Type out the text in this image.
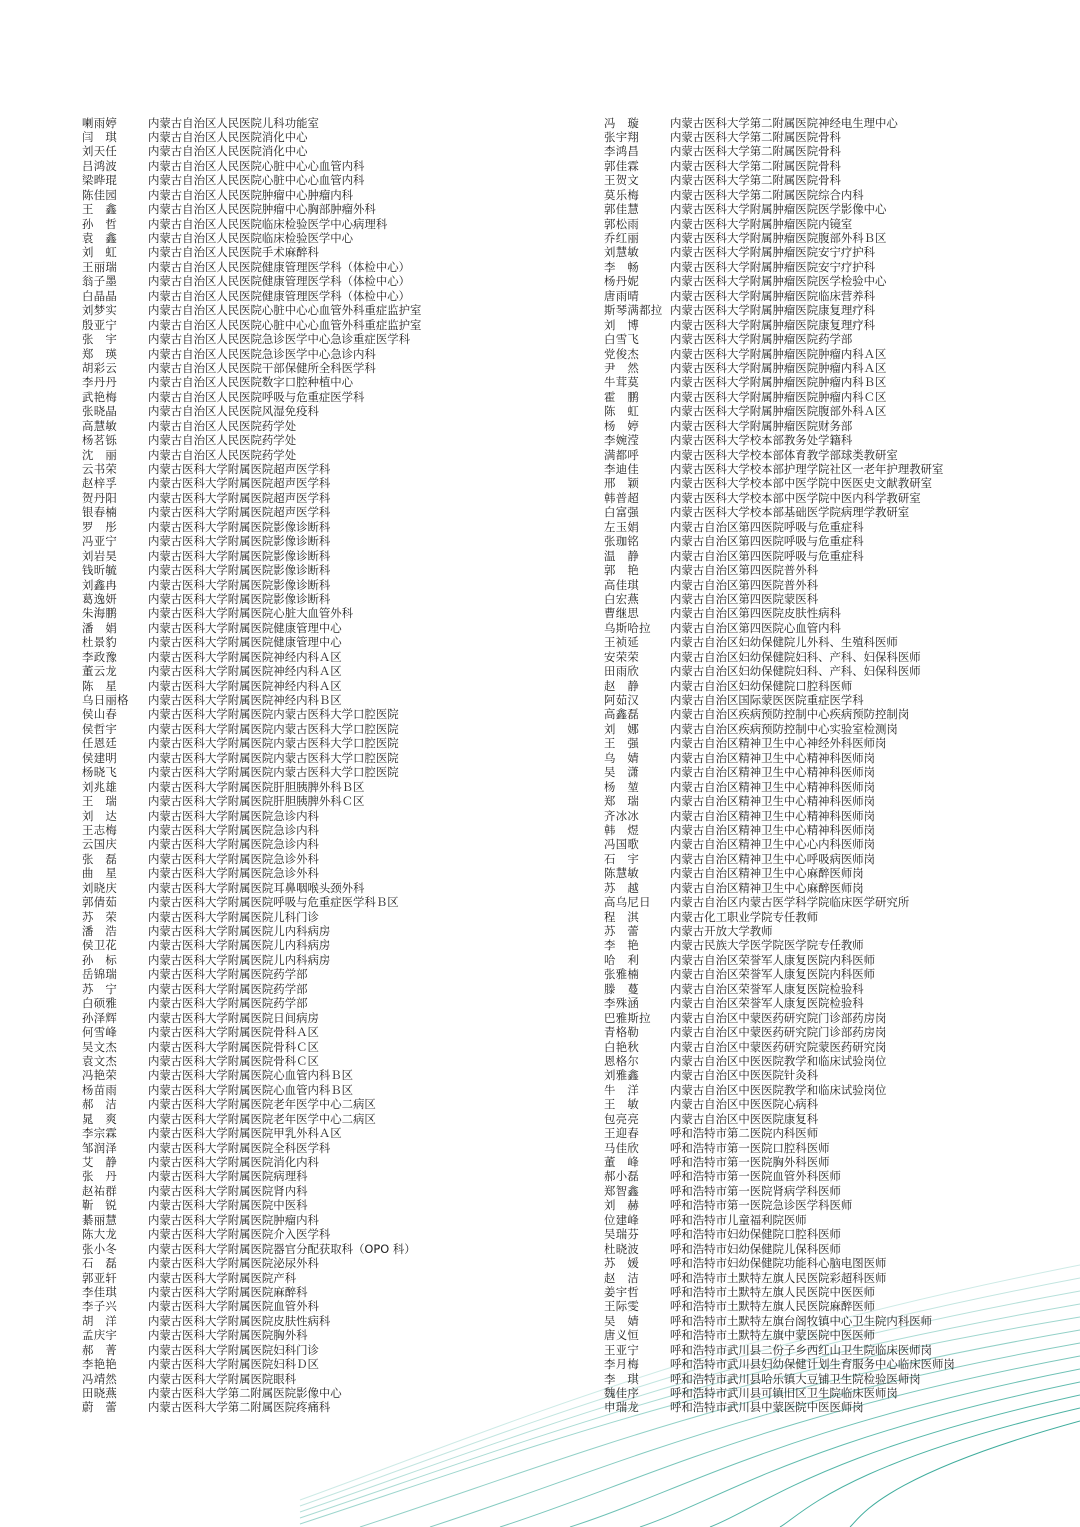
喇雨婷	内蒙古自治区人民医院儿科功能室
闫　琪	内蒙古自治区人民医院消化中心
刘天任	内蒙古自治区人民医院消化中心
吕鸿波	内蒙古自治区人民医院心脏中心心血管内科
梁晔琨	内蒙古自治区人民医院心脏中心心血管内科
陈佳园	内蒙古自治区人民医院肿瘤中心肿瘤内科
王　鑫	内蒙古自治区人民医院肿瘤中心胸部肿瘤外科
孙　哲	内蒙古自治区人民医院临床检验医学中心病理科
袁　鑫	内蒙古自治区人民医院临床检验医学中心
刘　虹	内蒙古自治区人民医院手术麻醉科
王丽瑞	内蒙古自治区人民医院健康管理医学科（体检中心）
翁子墨	内蒙古自治区人民医院健康管理医学科（体检中心）
白晶晶	内蒙古自治区人民医院健康管理医学科（体检中心）
刘梦实	内蒙古自治区人民医院心脏中心心血管外科重症监护室
殷亚宁	内蒙古自治区人民医院心脏中心心血管外科重症监护室
张　宇	内蒙古自治区人民医院急诊医学中心急诊重症医学科
郑　瑛	内蒙古自治区人民医院急诊医学中心急诊内科
胡彩云	内蒙古自治区人民医院干部保健所全科医学科
李丹丹	内蒙古自治区人民医院数字口腔种植中心
武艳梅	内蒙古自治区人民医院呼吸与危重症医学科
张晓晶	内蒙古自治区人民医院风湿免疫科
高慧敏	内蒙古自治区人民医院药学处
杨茗铄	内蒙古自治区人民医院药学处
沈　丽	内蒙古自治区人民医院药学处
云书荣	内蒙古医科大学附属医院超声医学科
赵梓孚	内蒙古医科大学附属医院超声医学科
贺丹阳	内蒙古医科大学附属医院超声医学科
银春楠	内蒙古医科大学附属医院超声医学科
罗　彤	内蒙古医科大学附属医院影像诊断科
冯亚宁	内蒙古医科大学附属医院影像诊断科
刘岩昊	内蒙古医科大学附属医院影像诊断科
钱昕毓	内蒙古医科大学附属医院影像诊断科
刘鑫冉	内蒙古医科大学附属医院影像诊断科
葛逸妍	内蒙古医科大学附属医院影像诊断科
朱海鹏	内蒙古医科大学附属医院心脏大血管外科
潘　娟	内蒙古医科大学附属医院健康管理中心
杜景豹	内蒙古医科大学附属医院健康管理中心
李政豫	内蒙古医科大学附属医院神经内科Ａ区
董云龙	内蒙古医科大学附属医院神经内科Ａ区
陈　星	内蒙古医科大学附属医院神经内科Ａ区
乌日丽格 内蒙古医科大学附属医院神经内科Ｂ区
侯山春	内蒙古医科大学附属医院内蒙古医科大学口腔医院
侯哲宇	内蒙古医科大学附属医院内蒙古医科大学口腔医院
任恩廷	内蒙古医科大学附属医院内蒙古医科大学口腔医院
侯建明	内蒙古医科大学附属医院内蒙古医科大学口腔医院
杨晓飞	内蒙古医科大学附属医院内蒙古医科大学口腔医院
刘兆雄	内蒙古医科大学附属医院肝胆胰脾外科Ｂ区
王　瑞	内蒙古医科大学附属医院肝胆胰脾外科Ｃ区
刘　达	内蒙古医科大学附属医院急诊内科
王志梅	内蒙古医科大学附属医院急诊内科
云国庆	内蒙古医科大学附属医院急诊内科
张　磊	内蒙古医科大学附属医院急诊外科
曲　星	内蒙古医科大学附属医院急诊外科
刘晓庆	内蒙古医科大学附属医院耳鼻咽喉头颈外科
郭倩茹	内蒙古医科大学附属医院呼吸与危重症医学科Ｂ区
苏　荣	内蒙古医科大学附属医院儿科门诊
潘　浩	内蒙古医科大学附属医院儿内科病房
侯卫花	内蒙古医科大学附属医院儿内科病房
孙　标	内蒙古医科大学附属医院儿内科病房
岳锦瑞	内蒙古医科大学附属医院药学部
苏　宁	内蒙古医科大学附属医院药学部
白硕雅	内蒙古医科大学附属医院药学部
孙泽辉	内蒙古医科大学附属医院日间病房
何雪峰	内蒙古医科大学附属医院骨科Ａ区
吴文杰	内蒙古医科大学附属医院骨科Ｃ区
袁文杰	内蒙古医科大学附属医院骨科Ｃ区
冯艳荣	内蒙古医科大学附属医院心血管内科Ｂ区
杨苗雨	内蒙古医科大学附属医院心血管内科Ｂ区
郝　洁	内蒙古医科大学附属医院老年医学中心二病区
晁　爽	内蒙古医科大学附属医院老年医学中心二病区
李宗霖	内蒙古医科大学附属医院甲乳外科Ａ区
邹润泽	内蒙古医科大学附属医院全科医学科
艾　静	内蒙古医科大学附属医院消化内科
张　丹	内蒙古医科大学附属医院病理科
赵祐群	内蒙古医科大学附属医院肾内科
靳　锐	内蒙古医科大学附属医院中医科
綦丽慧	内蒙古医科大学附属医院肿瘤内科
陈大龙	内蒙古医科大学附属医院介入医学科
张小冬	内蒙古医科大学附属医院器官分配获取科（OPO 科）
石　磊	内蒙古医科大学附属医院泌尿外科
郭亚轩	内蒙古医科大学附属医院产科
李佳琪	内蒙古医科大学附属医院麻醉科
李子兴	内蒙古医科大学附属医院血管外科
胡　洋	内蒙古医科大学附属医院皮肤性病科
孟庆宇	内蒙古医科大学附属医院胸外科
郝　菁	内蒙古医科大学附属医院妇科门诊
李艳艳	内蒙古医科大学附属医院妇科Ｄ区
冯靖然	内蒙古医科大学附属医院眼科
田晓燕	内蒙古医科大学第二附属医院影像中心
蔚　蕾	内蒙古医科大学第二附属医院疼痛科
冯　璇	内蒙古医科大学第二附属医院神经电生理中心
张宇翔	内蒙古医科大学第二附属医院骨科
李鸿昌	内蒙古医科大学第二附属医院骨科
郭佳霖	内蒙古医科大学第二附属医院骨科
王贺文	内蒙古医科大学第二附属医院骨科
莫乐梅	内蒙古医科大学第二附属医院综合内科
郭佳慧	内蒙古医科大学附属肿瘤医院医学影像中心
郭松雨	内蒙古医科大学附属肿瘤医院内镜室
乔红丽	内蒙古医科大学附属肿瘤医院腹部外科Ｂ区
刘慧敏	内蒙古医科大学附属肿瘤医院安宁疗护科
李　畅	内蒙古医科大学附属肿瘤医院安宁疗护科
杨丹妮	内蒙古医科大学附属肿瘤医院医学检验中心
唐雨晴	内蒙古医科大学附属肿瘤医院临床营养科
斯琴满都拉 内蒙古医科大学附属肿瘤医院康复理疗科
刘　博	内蒙古医科大学附属肿瘤医院康复理疗科
白雪飞	内蒙古医科大学附属肿瘤医院药学部
党俊杰	内蒙古医科大学附属肿瘤医院肿瘤内科Ａ区
尹　然	内蒙古医科大学附属肿瘤医院肿瘤内科Ａ区
牛茸莫	内蒙古医科大学附属肿瘤医院肿瘤内科Ｂ区
霍　鹏	内蒙古医科大学附属肿瘤医院肿瘤内科Ｃ区
陈　虹	内蒙古医科大学附属肿瘤医院腹部外科Ａ区
杨　婷	内蒙古医科大学附属肿瘤医院财务部
李婉滢	内蒙古医科大学校本部教务处学籍科
满都呼	内蒙古医科大学校本部体育教学部球类教研室
李迪佳	内蒙古医科大学校本部护理学院社区一老年护理教研室
邢　颖	内蒙古医科大学校本部中医学院中医医史文献教研室
韩普超	内蒙古医科大学校本部中医学院中医内科学教研室
白富强	内蒙古医科大学校本部基础医学院病理学教研室
左玉娟	内蒙古自治区第四医院呼吸与危重症科
张珈铭	内蒙古自治区第四医院呼吸与危重症科
温　静	内蒙古自治区第四医院呼吸与危重症科
郭　艳	内蒙古自治区第四医院普外科
高佳琪	内蒙古自治区第四医院普外科
白宏燕	内蒙古自治区第四医院蒙医科
曹继思	内蒙古自治区第四医院皮肤性病科
乌斯哈拉 内蒙古自治区第四医院心血管内科
王祯延	内蒙古自治区妇幼保健院儿外科、生殖科医师
安荣荣	内蒙古自治区妇幼保健院妇科、产科、妇保科医师
田雨欣	内蒙古自治区妇幼保健院妇科、产科、妇保科医师
赵　静	内蒙古自治区妇幼保健院口腔科医师
阿茹汉	内蒙古自治区国际蒙医医院重症医学科
高鑫磊	内蒙古自治区疾病预防控制中心疾病预防控制岗
刘　娜	内蒙古自治区疾病预防控制中心实验室检测岗
王　强	内蒙古自治区精神卫生中心神经外科医师岗
乌　婧	内蒙古自治区精神卫生中心精神科医师岗
吴　潇	内蒙古自治区精神卫生中心精神科医师岗
杨　堃	内蒙古自治区精神卫生中心精神科医师岗
郑　瑞	内蒙古自治区精神卫生中心精神科医师岗
齐冰冰	内蒙古自治区精神卫生中心精神科医师岗
韩　煜	内蒙古自治区精神卫生中心精神科医师岗
冯国歌	内蒙古自治区精神卫生中心心内科医师岗
石　宇	内蒙古自治区精神卫生中心呼吸病医师岗
陈慧敏	内蒙古自治区精神卫生中心麻醉医师岗
苏　越	内蒙古自治区精神卫生中心麻醉医师岗
高乌尼日 内蒙古自治区内蒙古医学科学院临床医学研究所
程　淇	内蒙古化工职业学院专任教师
苏　蕾	内蒙古开放大学教师
李　艳	内蒙古民族大学医学院医学院专任教师
哈　利	内蒙古自治区荣誉军人康复医院内科医师
张雅楠	内蒙古自治区荣誉军人康复医院内科医师
滕　蔓	内蒙古自治区荣誉军人康复医院检验科
李殊涵	内蒙古自治区荣誉军人康复医院检验科
巴雅斯拉 内蒙古自治区中蒙医药研究院门诊部药房岗
青格勒	内蒙古自治区中蒙医药研究院门诊部药房岗
白艳秋	内蒙古自治区中蒙医药研究院蒙医药研究岗
恩格尔	内蒙古自治区中医医院教学和临床试验岗位
刘雅鑫	内蒙古自治区中医医院针灸科
牛　洋	内蒙古自治区中医医院教学和临床试验岗位
王　敏	内蒙古自治区中医医院心病科
包亮亮	内蒙古自治区中医医院康复科
王迎春	呼和浩特市第二医院内科医师
马佳欣	呼和浩特市第一医院口腔科医师
董　峰	呼和浩特市第一医院胸外科医师
郝小磊	呼和浩特市第一医院血管外科医师
郑智鑫	呼和浩特市第一医院肾病学科医师
刘　赫	呼和浩特市第一医院急诊医学科医师
位建峰	呼和浩特市儿童福利院医师
吴瑞芬	呼和浩特市妇幼保健院口腔科医师
杜晓波	呼和浩特市妇幼保健院儿保科医师
苏　媛	呼和浩特市妇幼保健院功能科心脑电图医师
赵　洁	呼和浩特市土默特左旗人民医院彩超科医师
姜宇哲	呼和浩特市土默特左旗人民医院中医医师
王际雯	呼和浩特市土默特左旗人民医院麻醉医师
吴　婧	呼和浩特市土默特左旗台阁牧镇中心卫生院内科医师
唐义恒	呼和浩特市土默特左旗中蒙医院中医医师
王亚宁	呼和浩特市武川县二份子乡西红山卫生院临床医师岗
李月梅	呼和浩特市武川县妇幼保健计划生育服务中心临床医师岗
李　琪	呼和浩特市武川县哈乐镇大豆铺卫生院检验医师岗
魏佳序	呼和浩特市武川县可镇旧区卫生院临床医师岗
申瑞龙	呼和浩特市武川县中蒙医院中医医师岗
